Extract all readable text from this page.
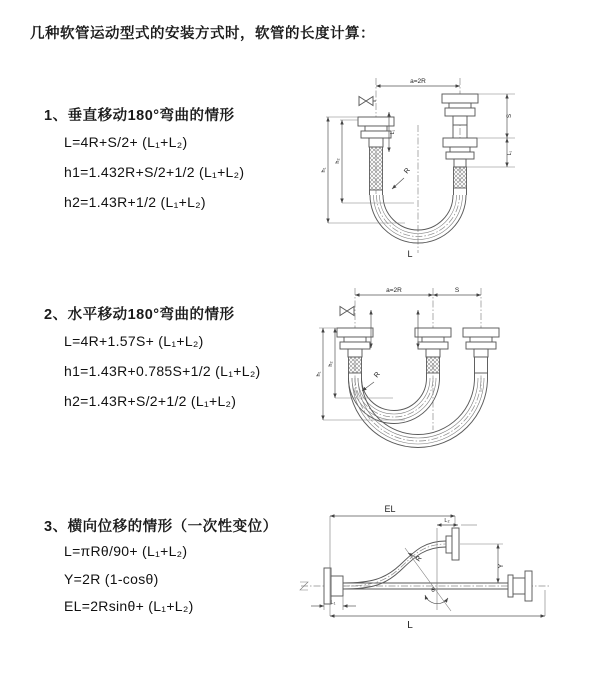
几种软管运动型式的安装方式时，软管的长度计算：
1、垂直移动180°弯曲的情形
L=4R+S/2+ (L₁+L₂)
h1=1.432R+S/2+1/2 (L₁+L₂)
h2=1.43R+1/2 (L₁+L₂)
2、水平移动180°弯曲的情形
L=4R+1.57S+ (L₁+L₂)
h1=1.43R+0.785S+1/2 (L₁+L₂)
h2=1.43R+S/2+1/2 (L₁+L₂)
3、横向位移的情形（一次性变位）
L=πRθ/90+ (L₁+L₂)
Y=2R (1-cosθ)
EL=2Rsinθ+ (L₁+L₂)
a=2R
R
h₁
h₂
L₁
S
L₁
L
a=2R	S
h₁
h₂
R
θ
R
EL
L₂
Y
L
L₁
